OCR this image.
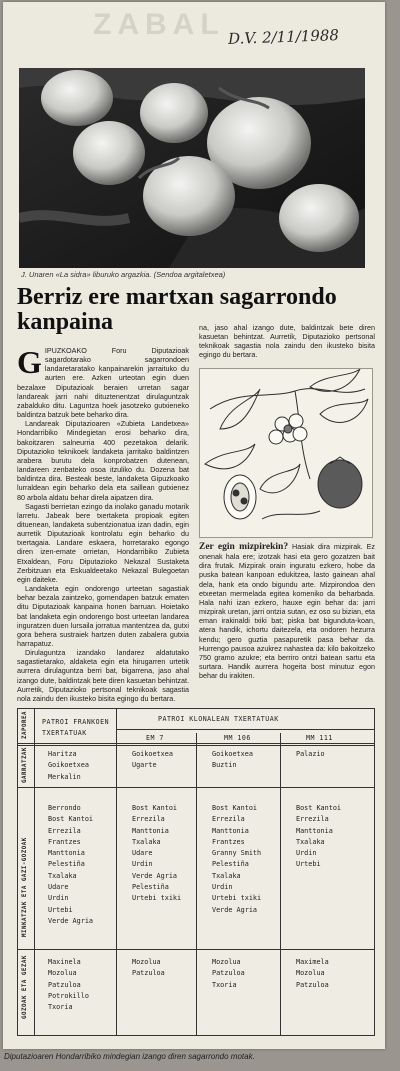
ZABAL D.V. 2/11/1988
J. Unaren «La sidra» liburuko argazkia. (Sendoa argitaletxea)
Berriz ere martxan sagarrondo kanpaina

GIPUZKOAKO Foru Diputazioak sagardotarako sagarrondoen landaretaratako kanpainarekin jarraituko du aurten ere. Azken urteotan egin duen bezalaxe Diputazioak beraien urretan sagar landareak jarri nahi dituztenentzat dirulaguntzak zabalduko ditu. Laguntza hoek jasotzeko gutxieneko baldintza batzuk bete beharko dira.

Landareak Diputazioaren «Zubieta Landetxea» Hondarribiko Mindegietan erosi beharko dira, bakoitzaren salneurria 400 pezetakoa delarik. Diputazioko teknikoek landaketa jarritako baldintzen arabera burutu dela konprobatzen dutenean, landareen zenbateko osoa itzuliko du. Dozena bat baldintza dira. Besteak beste, landaketa Gipuzkoako lurraldean egin beharko dela eta saillean gutxienez 80 arbola aldatu behar direla aipatzen dira.

Sagasti berrietan ezingo da inolako ganadu motarik larretu. Jabeak bere txertaketa propioak egiten dituenean, landaketa subentzionatua izan dadin, egin aurretik Diputazioak kontrolatu egin beharko du txertagaia. Landare eskaera, horretarako egongo diren izen-emate orrietan, Hondarribiko Zubieta Etxaldean, Foru Diputazioko Nekazal Sustaketa Zerbitzuan eta Eskualdeetako Nekazal Bulegoetan egin daiteke.

Landaketa egin ondorengo urteetan sagastiak behar bezala zaintzeko, gomendapen batzuk ematen ditu Diputazioak kanpaina honen barruan. Hoietako bat landaketa egin ondorengo bost urteetan landarea inguratzen duen lursaila jorratua mantentzea da, gutxi gora behera sustraiek hartzen duten zabalera gutxia harrapatuz.

Dirulaguntza izandako landarez aldatutako sagastietarako, aldaketa egin eta hirugarren urtetik aurrera dirulaguntza berri bat, bigarrena, jaso ahal izango dute, baldintzak bete diren kasuetan behintzat. Aurretik, Diputazioko pertsonal teknikoak sagastia nola zaindu den ikusteko bisita egingo du bertara.

na, jaso ahal izango dute, baldintzak bete diren kasuetan behintzat. Aurretik, Diputazioko pertsonal teknikoak sagastia nola zaindu den ikusteko bisita egingo du bertara.

Zer egin mizpirekin? Hasiak dira mizpirak. Ez onenak hala ere; izotzak hasi eta gero gozatzen bait dira frutak. Mizpirak orain inguratu ezkero, hobe da puska batean kanpoan edukitzea, lasto gainean ahal dela, hank eta ondo bigundu arte. Mizpirondoa den etxeetan mermelada egitea komeniko da beharbada. Hala nahi izan ezkero, hauxe egin behar da: jarri mizpirak uretan, jarri ontzia sutan, ez oso su bizian, eta eman irakinaldi txiki bat; piska bat bigunduta-koan, atera handik, ichortu daitezela, eta ondoren hezurra kendu; gero guztia pasapuretik pasa behar da. Hurrengo pausoa azukrez nahastea da: kilo bakoitzeko 750 gramo azukre; eta berriro ontzi batean sartu eta surtara. Handik aurrera hogeita bost minutuz egon behar du irakiten.

ZAPOREA
GARRATZAK
MINKATZAK ETA GAZI-GOZOAK
GOZOAK ETA GEZAK
PATROI FRANKOEN TXERTATUAK
PATROI KLONALEAN TXERTATUAK
EM 7	MM 106	MM 111
Haritza
Goikoetxea
Merkalin
Goikoetxea
Ugarte
Goikoetxea
Buztin
Palazio
Berrondo
Bost Kantoi
Errezila
Frantzes
Manttonia
Pelestiña
Txalaka
Udare
Urdin
Urtebi
Verde Agria
Bost Kantoi
Errezila
Manttonia
Txalaka
Udare
Urdin
Verde Agria
Pelestiña
Urtebi txiki
Bost Kantoi
Errezila
Manttonia
Frantzes
Granny Smith
Pelestiña
Txalaka
Urdin
Urtebi txiki
Verde Agria
Bost Kantoi
Errezila
Manttonia
Txalaka
Urdin
Urtebi
Maxinela
Mozolua
Patzuloa
Potrokillo
Txoria
Mozolua
Patzuloa
Mozolua
Patzuloa
Txoria
Maximela
Mozolua
Patzuloa
Diputazioaren Hondarribiko mindegian izango diren sagarrondo motak.
